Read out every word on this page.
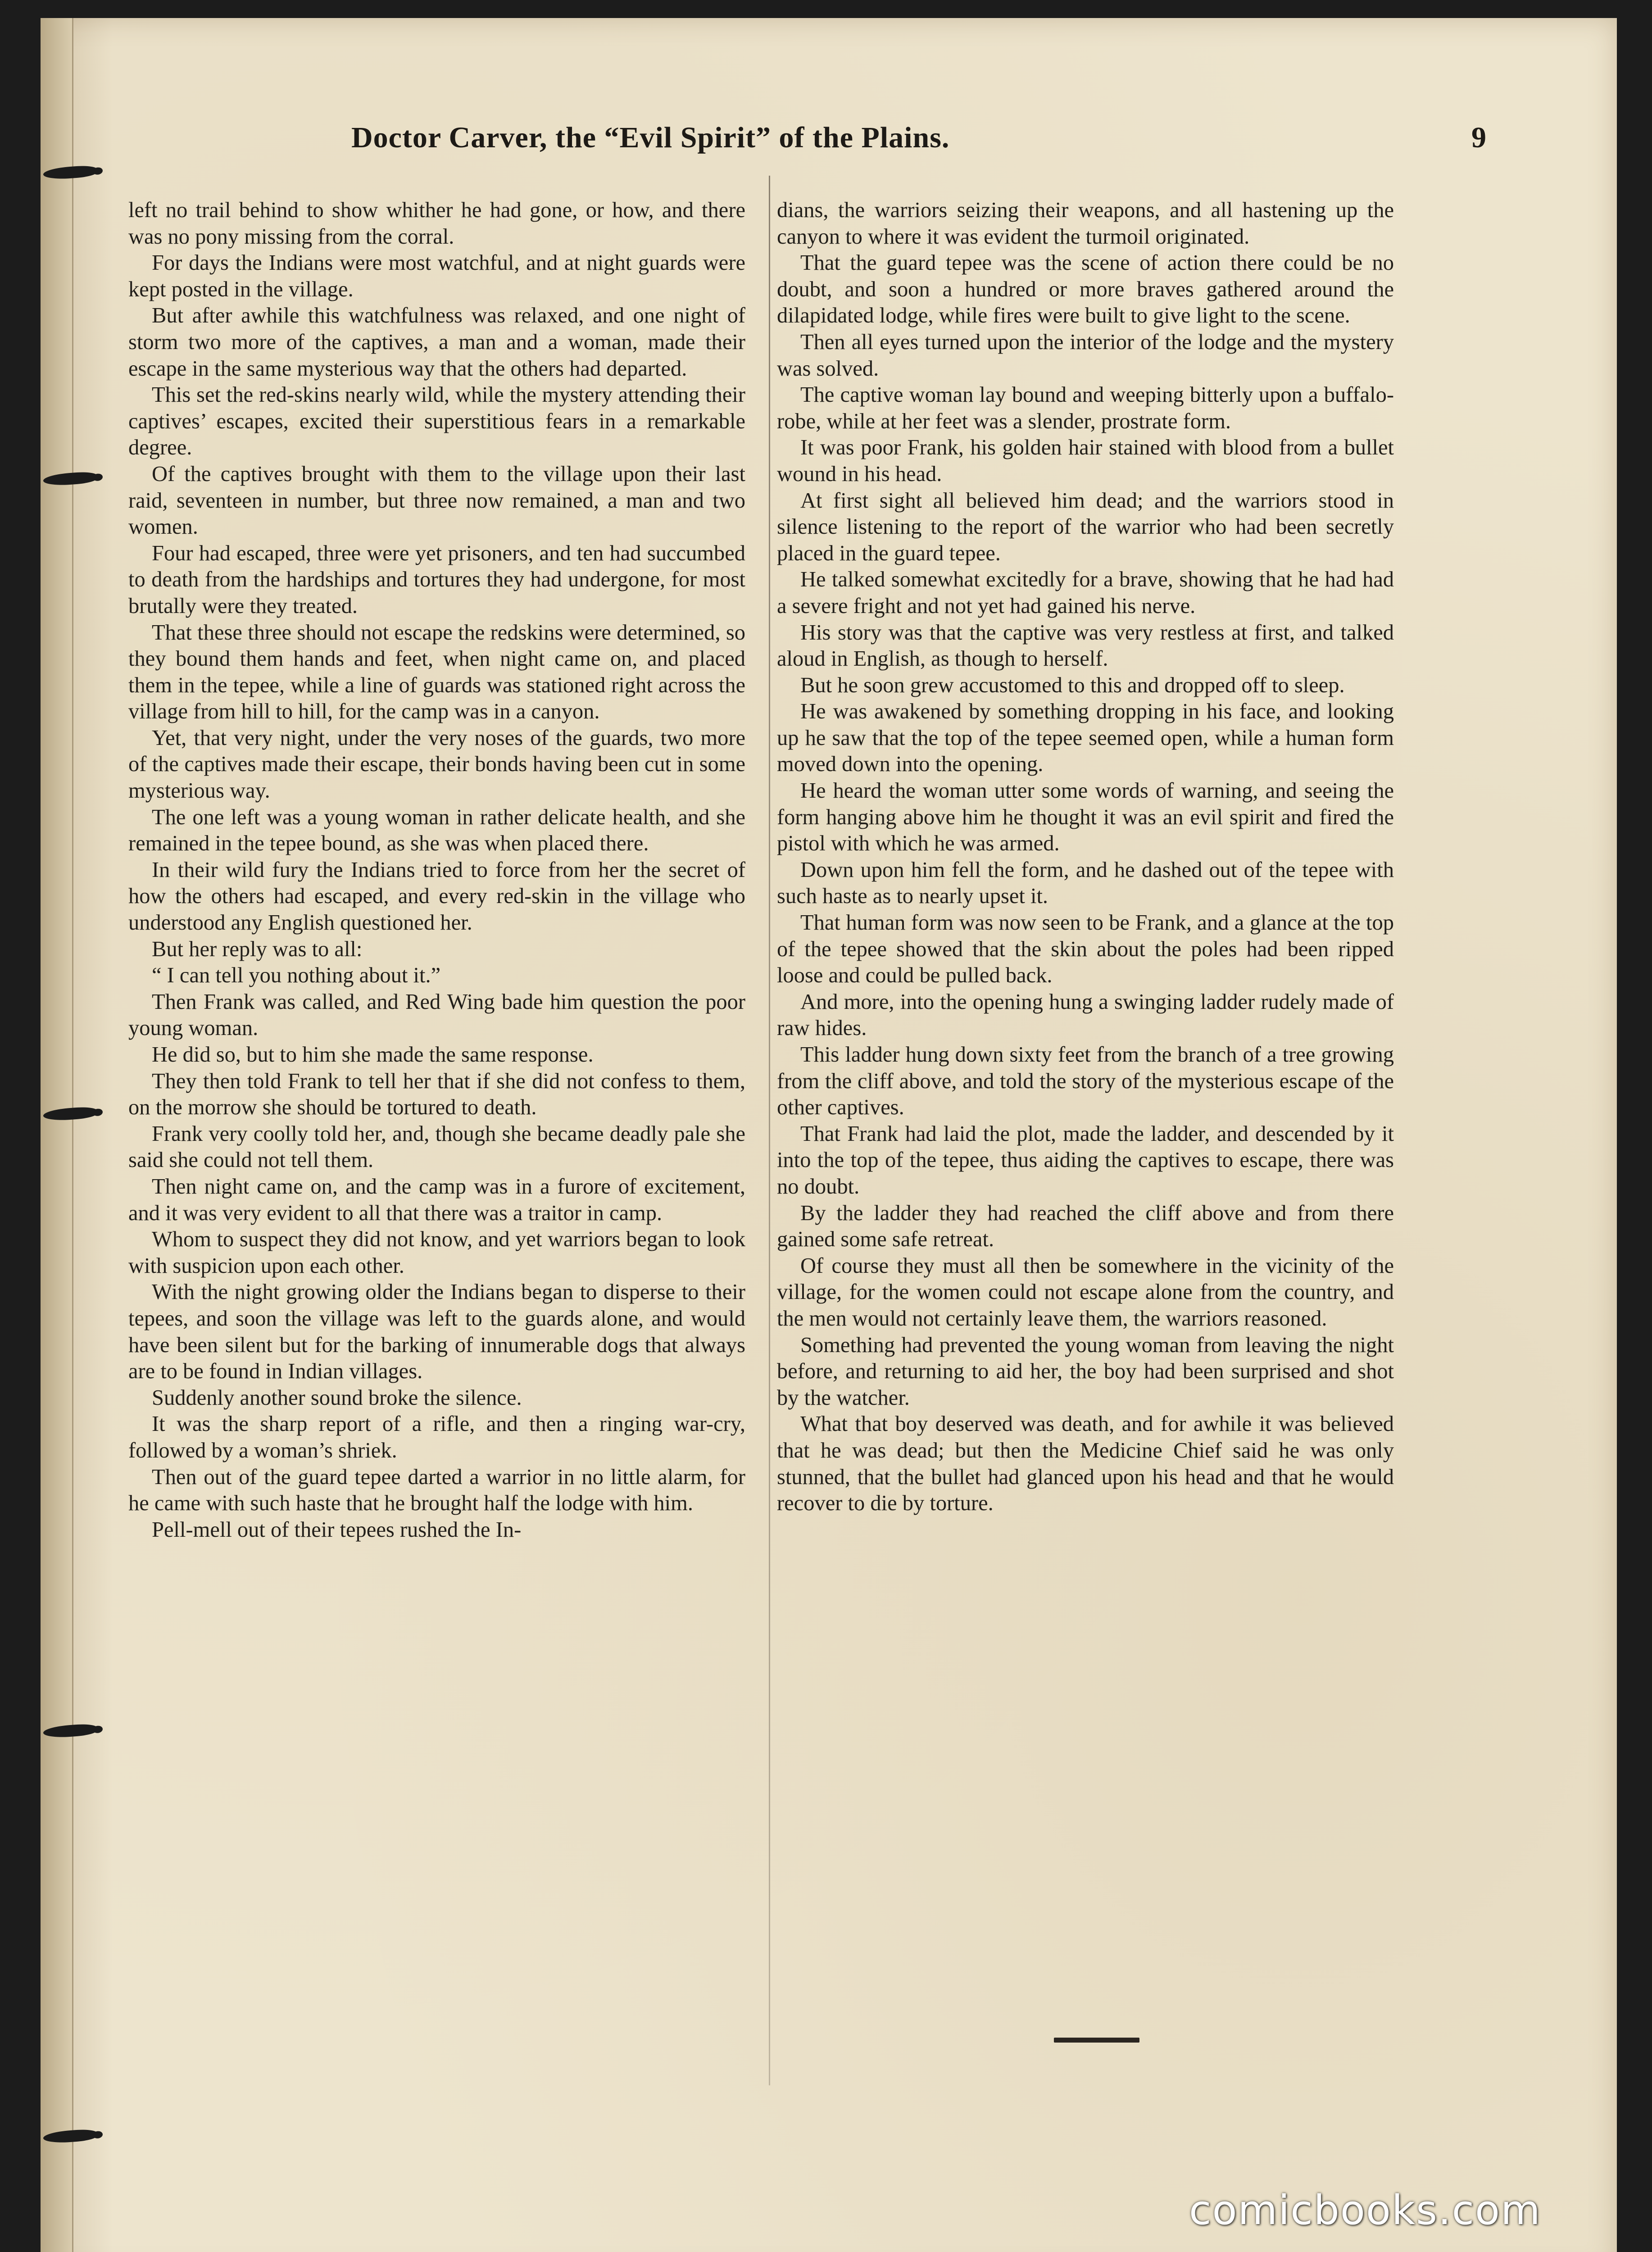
Doctor Carver, the “Evil Spirit” of the Plains.	9

left no trail behind to show whither he had gone, or how, and there was no pony missing from the corral.

For days the Indians were most watchful, and at night guards were kept posted in the village.

But after awhile this watchfulness was relaxed, and one night of storm two more of the captives, a man and a woman, made their escape in the same mysterious way that the others had departed.

This set the red-skins nearly wild, while the mystery attending their captives’ escapes, excited their superstitious fears in a remarkable degree.

Of the captives brought with them to the village upon their last raid, seventeen in number, but three now remained, a man and two women.

Four had escaped, three were yet prisoners, and ten had succumbed to death from the hardships and tortures they had undergone, for most brutally were they treated.

That these three should not escape the redskins were determined, so they bound them hands and feet, when night came on, and placed them in the tepee, while a line of guards was stationed right across the village from hill to hill, for the camp was in a canyon.

Yet, that very night, under the very noses of the guards, two more of the captives made their escape, their bonds having been cut in some mysterious way.

The one left was a young woman in rather delicate health, and she remained in the tepee bound, as she was when placed there.

In their wild fury the Indians tried to force from her the secret of how the others had escaped, and every red-skin in the village who understood any English questioned her.

But her reply was to all:

“ I can tell you nothing about it.”

Then Frank was called, and Red Wing bade him question the poor young woman.

He did so, but to him she made the same response.

They then told Frank to tell her that if she did not confess to them, on the morrow she should be tortured to death.

Frank very coolly told her, and, though she became deadly pale she said she could not tell them.

Then night came on, and the camp was in a furore of excitement, and it was very evident to all that there was a traitor in camp.

Whom to suspect they did not know, and yet warriors began to look with suspicion upon each other.

With the night growing older the Indians began to disperse to their tepees, and soon the village was left to the guards alone, and would have been silent but for the barking of innumerable dogs that always are to be found in Indian villages.

Suddenly another sound broke the silence.

It was the sharp report of a rifle, and then a ringing war-cry, followed by a woman’s shriek.

Then out of the guard tepee darted a warrior in no little alarm, for he came with such haste that he brought half the lodge with him.

Pell-mell out of their tepees rushed the In-

dians, the warriors seizing their weapons, and all hastening up the canyon to where it was evident the turmoil originated.

That the guard tepee was the scene of action there could be no doubt, and soon a hundred or more braves gathered around the dilapidated lodge, while fires were built to give light to the scene.

Then all eyes turned upon the interior of the lodge and the mystery was solved.

The captive woman lay bound and weeping bitterly upon a buffalo-robe, while at her feet was a slender, prostrate form.

It was poor Frank, his golden hair stained with blood from a bullet wound in his head.

At first sight all believed him dead; and the warriors stood in silence listening to the report of the warrior who had been secretly placed in the guard tepee.

He talked somewhat excitedly for a brave, showing that he had had a severe fright and not yet had gained his nerve.

His story was that the captive was very restless at first, and talked aloud in English, as though to herself.

But he soon grew accustomed to this and dropped off to sleep.

He was awakened by something dropping in his face, and looking up he saw that the top of the tepee seemed open, while a human form moved down into the opening.

He heard the woman utter some words of warning, and seeing the form hanging above him he thought it was an evil spirit and fired the pistol with which he was armed.

Down upon him fell the form, and he dashed out of the tepee with such haste as to nearly upset it.

That human form was now seen to be Frank, and a glance at the top of the tepee showed that the skin about the poles had been ripped loose and could be pulled back.

And more, into the opening hung a swinging ladder rudely made of raw hides.

This ladder hung down sixty feet from the branch of a tree growing from the cliff above, and told the story of the mysterious escape of the other captives.

That Frank had laid the plot, made the ladder, and descended by it into the top of the tepee, thus aiding the captives to escape, there was no doubt.

By the ladder they had reached the cliff above and from there gained some safe retreat.

Of course they must all then be somewhere in the vicinity of the village, for the women could not escape alone from the country, and the men would not certainly leave them, the warriors reasoned.

Something had prevented the young woman from leaving the night before, and returning to aid her, the boy had been surprised and shot by the watcher.

What that boy deserved was death, and for awhile it was believed that he was dead; but then the Medicine Chief said he was only stunned, that the bullet had glanced upon his head and that he would recover to die by torture.

comicbooks.com
